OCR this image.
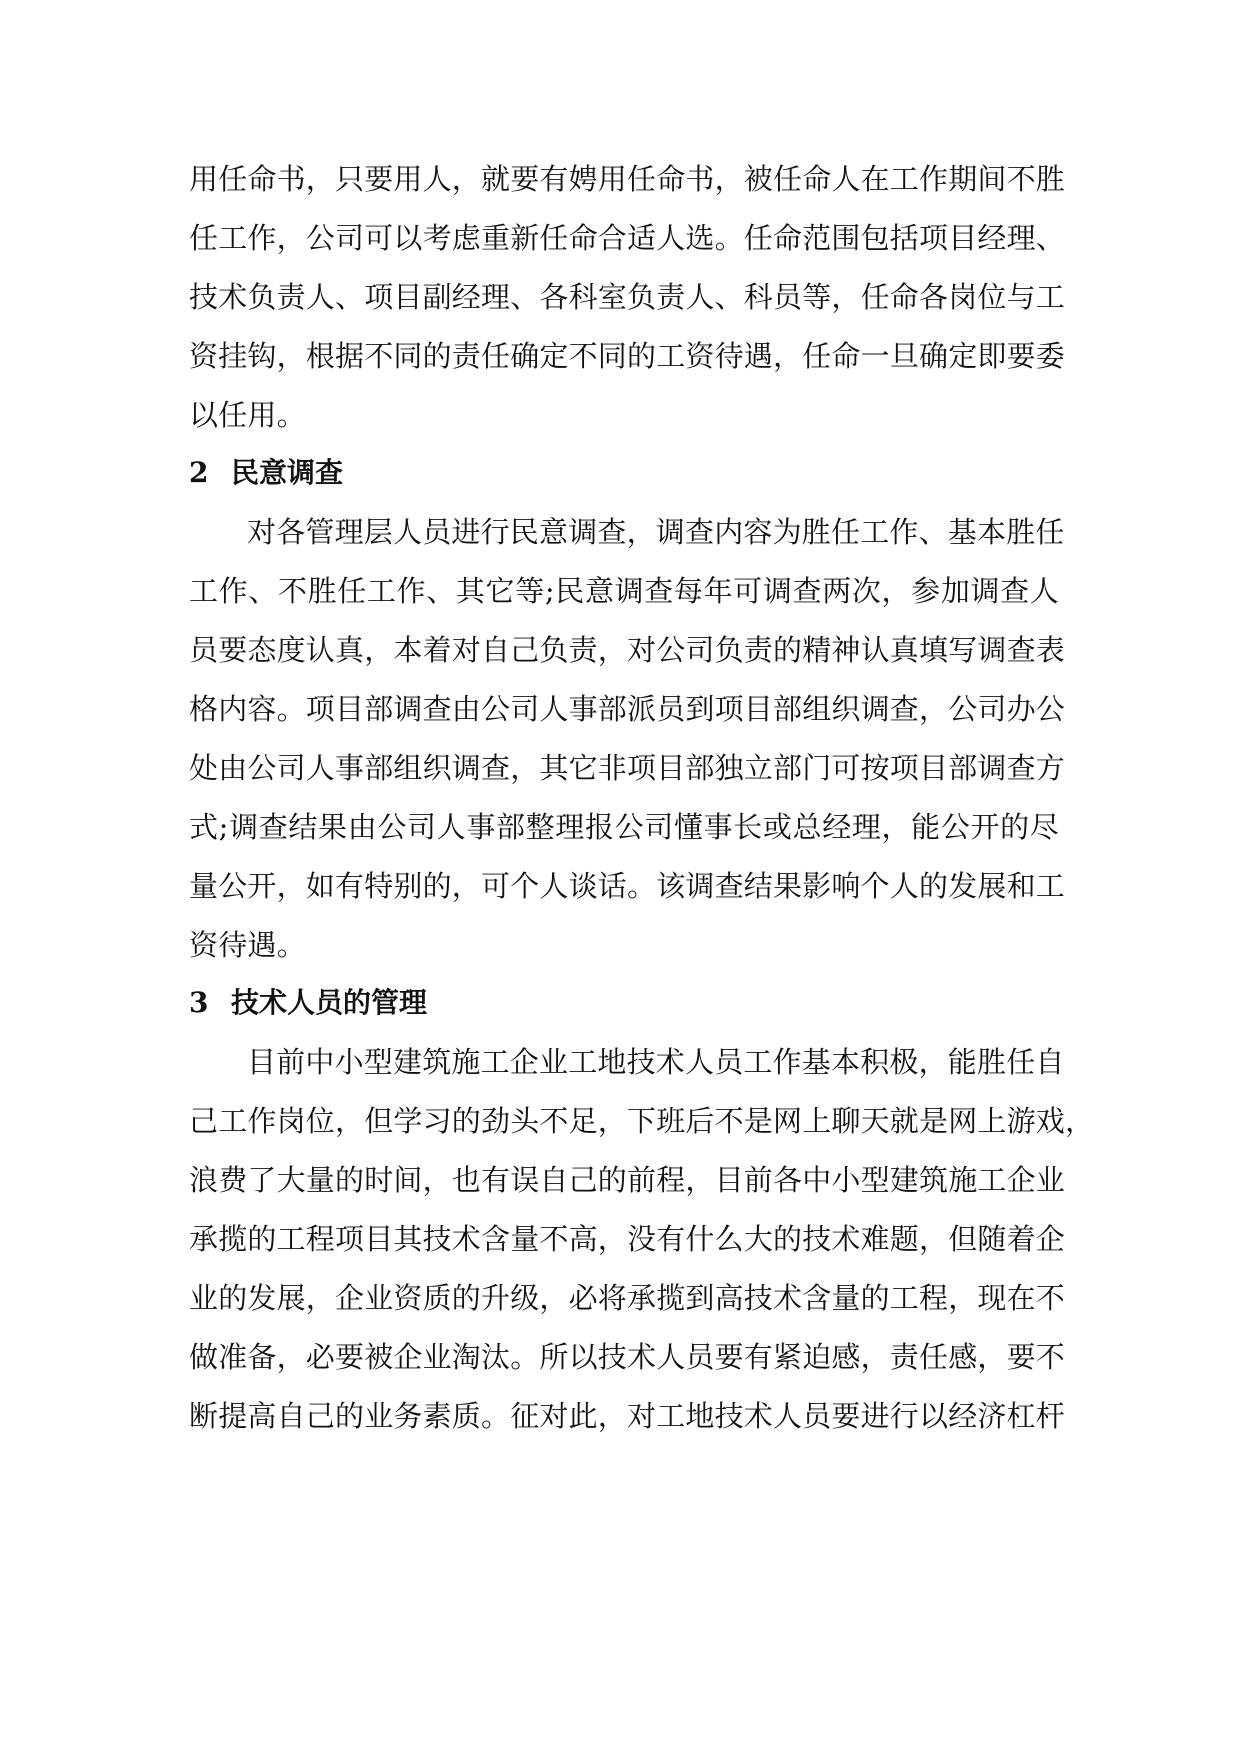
用任命书，只要用人，就要有娉用任命书，被任命人在工作期间不胜
任工作，公司可以考虑重新任命合适人选。任命范围包括项目经理、
技术负责人、项目副经理、各科室负责人、科员等，任命各岗位与工
资挂钩，根据不同的责任确定不同的工资待遇，任命一旦确定即要委
以任用。
2 民意调查
对各管理层人员进行民意调查，调查内容为胜任工作、基本胜任
工作、不胜任工作、其它等;民意调查每年可调查两次，参加调查人
员要态度认真，本着对自己负责，对公司负责的精神认真填写调查表
格内容。项目部调查由公司人事部派员到项目部组织调查，公司办公
处由公司人事部组织调查，其它非项目部独立部门可按项目部调查方
式;调查结果由公司人事部整理报公司懂事长或总经理，能公开的尽
量公开，如有特别的，可个人谈话。该调查结果影响个人的发展和工
资待遇。
3 技术人员的管理
目前中小型建筑施工企业工地技术人员工作基本积极，能胜任自
己工作岗位，但学习的劲头不足，下班后不是网上聊天就是网上游戏，
浪费了大量的时间，也有误自己的前程，目前各中小型建筑施工企业
承揽的工程项目其技术含量不高，没有什么大的技术难题，但随着企
业的发展，企业资质的升级，必将承揽到高技术含量的工程，现在不
做准备，必要被企业淘汰。所以技术人员要有紧迫感，责任感，要不
断提高自己的业务素质。征对此，对工地技术人员要进行以经济杠杆
